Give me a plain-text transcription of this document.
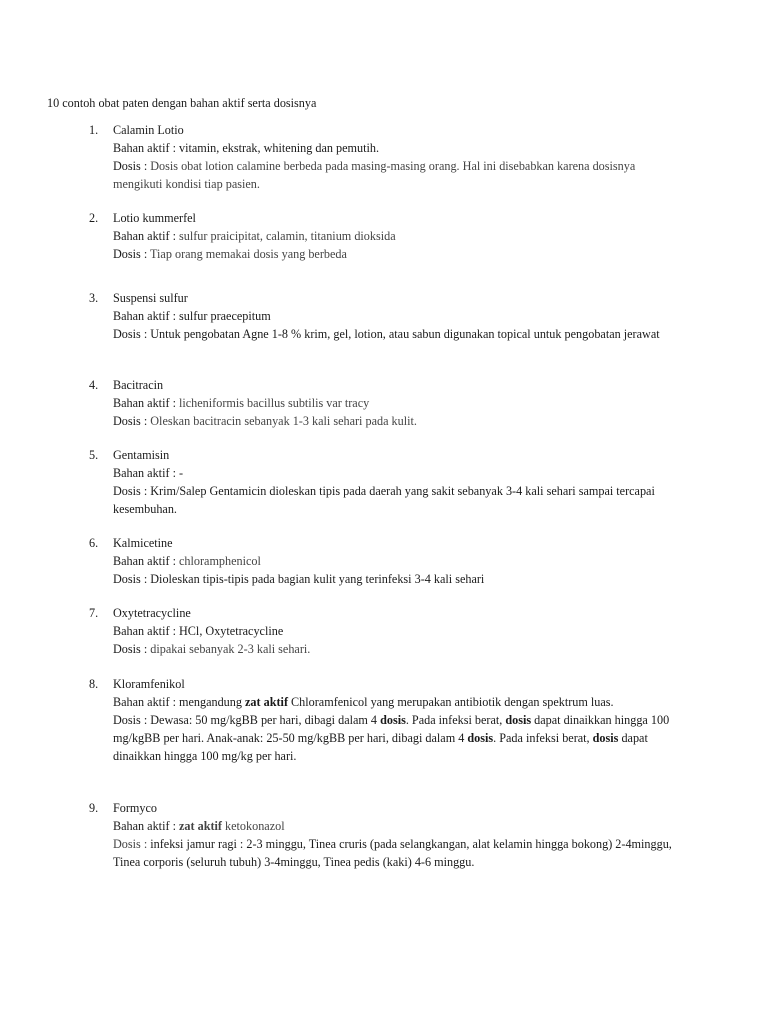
10 contoh obat paten dengan bahan aktif serta dosisnya
1. Calamin Lotio
Bahan aktif : vitamin, ekstrak, whitening dan pemutih.
Dosis : Dosis obat lotion calamine berbeda pada masing-masing orang. Hal ini disebabkan karena dosisnya mengikuti kondisi tiap pasien.
2. Lotio kummerfel
Bahan aktif : sulfur praicipitat, calamin, titanium dioksida
Dosis : Tiap orang memakai dosis yang berbeda
3. Suspensi sulfur
Bahan aktif : sulfur praecepitum
Dosis : Untuk pengobatan Agne 1-8 % krim, gel, lotion, atau sabun digunakan topical untuk pengobatan jerawat
4. Bacitracin
Bahan aktif : licheniformis bacillus subtilis var tracy
Dosis : Oleskan bacitracin sebanyak 1-3 kali sehari pada kulit.
5. Gentamisin
Bahan aktif : -
Dosis : Krim/Salep Gentamicin dioleskan tipis pada daerah yang sakit sebanyak 3-4 kali sehari sampai tercapai kesembuhan.
6. Kalmicetine
Bahan aktif : chloramphenicol
Dosis : Dioleskan tipis-tipis pada bagian kulit yang terinfeksi 3-4 kali sehari
7. Oxytetracycline
Bahan aktif : HCl, Oxytetracycline
Dosis : dipakai sebanyak 2-3 kali sehari.
8. Kloramfenikol
Bahan aktif : mengandung zat aktif Chloramfenicol yang merupakan antibiotik dengan spektrum luas.
Dosis : Dewasa: 50 mg/kgBB per hari, dibagi dalam 4 dosis. Pada infeksi berat, dosis dapat dinaikkan hingga 100 mg/kgBB per hari. Anak-anak: 25-50 mg/kgBB per hari, dibagi dalam 4 dosis. Pada infeksi berat, dosis dapat dinaikkan hingga 100 mg/kg per hari.
9. Formyco
Bahan aktif : zat aktif ketokonazol
Dosis : infeksi jamur ragi : 2-3 minggu, Tinea cruris (pada selangkangan, alat kelamin hingga bokong) 2-4minggu, Tinea corporis (seluruh tubuh) 3-4minggu, Tinea pedis (kaki) 4-6 minggu.
